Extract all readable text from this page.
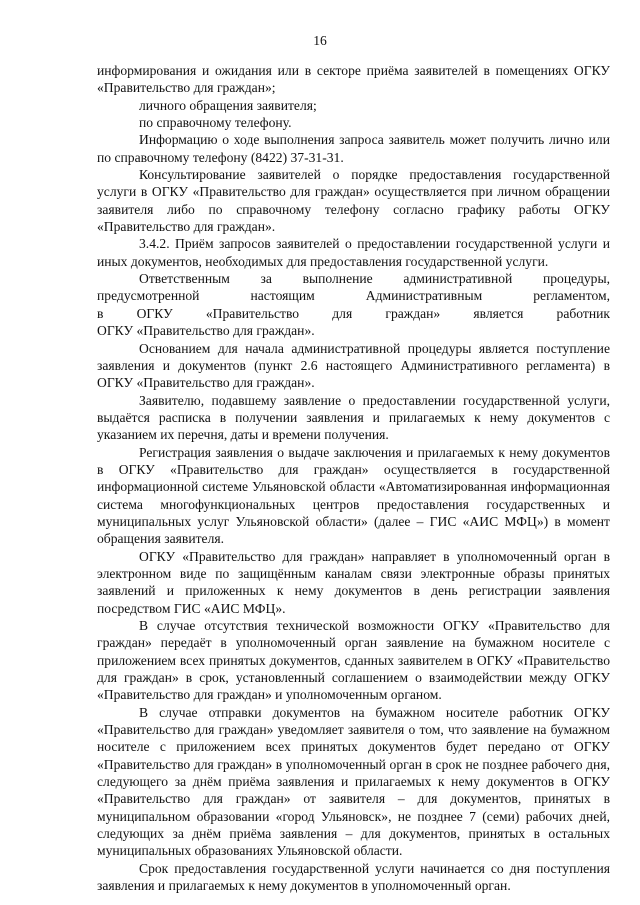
16

информирования и ожидания или в секторе приёма заявителей в помещениях ОГКУ «Правительство для граждан»;

личного обращения заявителя;

по справочному телефону.

Информацию о ходе выполнения запроса заявитель может получить лично или по справочному телефону (8422) 37-31-31.

Консультирование заявителей о порядке предоставления государственной услуги в ОГКУ «Правительство для граждан» осуществляется при личном обращении заявителя либо по справочному телефону согласно графику работы ОГКУ «Правительство для граждан».

3.4.2. Приём запросов заявителей о предоставлении государственной услуги и иных документов, необходимых для предоставления государственной услуги.

Ответственным за выполнение административной процедуры,

предусмотренной настоящим Административным регламентом,

в ОГКУ «Правительство для граждан» является работник

ОГКУ «Правительство для граждан».

Основанием для начала административной процедуры является поступление заявления и документов (пункт 2.6 настоящего Административного регламента) в ОГКУ «Правительство для граждан».

Заявителю, подавшему заявление о предоставлении государственной услуги, выдаётся расписка в получении заявления и прилагаемых к нему документов с указанием их перечня, даты и времени получения.

Регистрация заявления о выдаче заключения и прилагаемых к нему документов в ОГКУ «Правительство для граждан» осуществляется в государственной информационной системе Ульяновской области «Автоматизированная информационная система многофункциональных центров предоставления государственных и муниципальных услуг Ульяновской области» (далее – ГИС «АИС МФЦ») в момент обращения заявителя.

ОГКУ «Правительство для граждан» направляет в уполномоченный орган в электронном виде по защищённым каналам связи электронные образы принятых заявлений и приложенных к нему документов в день регистрации заявления посредством ГИС «АИС МФЦ».

В случае отсутствия технической возможности ОГКУ «Правительство для граждан» передаёт в уполномоченный орган заявление на бумажном носителе с приложением всех принятых документов, сданных заявителем в ОГКУ «Правительство для граждан» в срок, установленный соглашением о взаимодействии между ОГКУ «Правительство для граждан» и уполномоченным органом.

В случае отправки документов на бумажном носителе работник ОГКУ «Правительство для граждан» уведомляет заявителя о том, что заявление на бумажном носителе с приложением всех принятых документов будет передано от ОГКУ «Правительство для граждан» в уполномоченный орган в срок не позднее рабочего дня, следующего за днём приёма заявления и прилагаемых к нему документов в ОГКУ «Правительство для граждан» от заявителя – для документов, принятых в муниципальном образовании «город Ульяновск», не позднее 7 (семи) рабочих дней, следующих за днём приёма заявления – для документов, принятых в остальных муниципальных образованиях Ульяновской области.

Срок предоставления государственной услуги начинается со дня поступления заявления и прилагаемых к нему документов в уполномоченный орган.
